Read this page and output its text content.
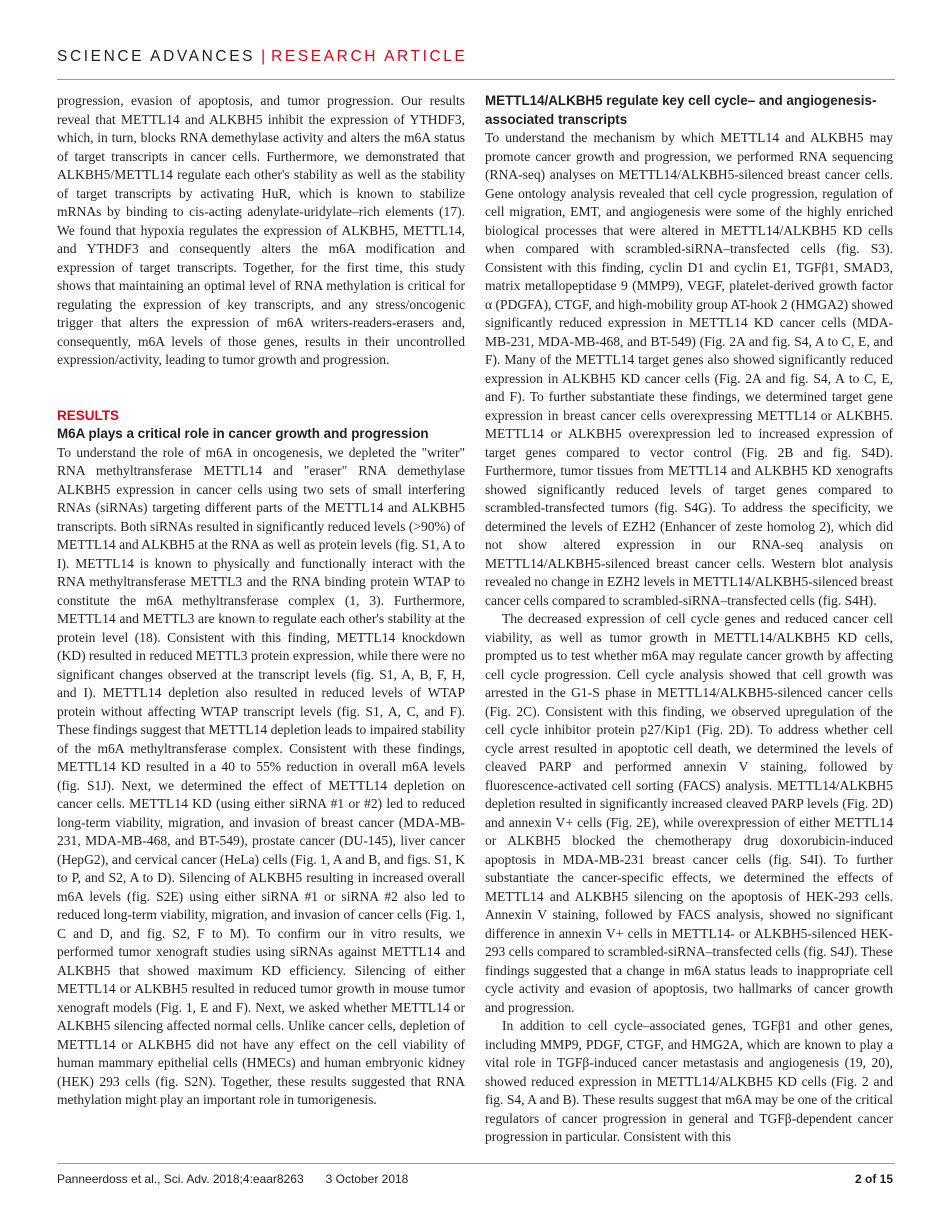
SCIENCE ADVANCES | RESEARCH ARTICLE

progression, evasion of apoptosis, and tumor progression. Our results reveal that METTL14 and ALKBH5 inhibit the expression of YTHDF3, which, in turn, blocks RNA demethylase activity and alters the m6A status of target transcripts in cancer cells. Furthermore, we demonstrated that ALKBH5/METTL14 regulate each other's stability as well as the stability of target transcripts by activating HuR, which is known to stabilize mRNAs by binding to cis-acting adenylate-uridylate–rich elements (17). We found that hypoxia regulates the expression of ALKBH5, METTL14, and YTHDF3 and consequently alters the m6A modification and expression of target transcripts. Together, for the first time, this study shows that maintaining an optimal level of RNA methylation is critical for regulating the expression of key transcripts, and any stress/oncogenic trigger that alters the expression of m6A writers-readers-erasers and, consequently, m6A levels of those genes, results in their uncontrolled expression/activity, leading to tumor growth and progression.

RESULTS

M6A plays a critical role in cancer growth and progression

To understand the role of m6A in oncogenesis, we depleted the "writer" RNA methyltransferase METTL14 and "eraser" RNA demethylase ALKBH5 expression in cancer cells using two sets of small interfering RNAs (siRNAs) targeting different parts of the METTL14 and ALKBH5 transcripts. Both siRNAs resulted in significantly reduced levels (>90%) of METTL14 and ALKBH5 at the RNA as well as protein levels (fig. S1, A to I). METTL14 is known to physically and functionally interact with the RNA methyltransferase METTL3 and the RNA binding protein WTAP to constitute the m6A methyltransferase complex (1, 3). Furthermore, METTL14 and METTL3 are known to regulate each other's stability at the protein level (18). Consistent with this finding, METTL14 knockdown (KD) resulted in reduced METTL3 protein expression, while there were no significant changes observed at the transcript levels (fig. S1, A, B, F, H, and I). METTL14 depletion also resulted in reduced levels of WTAP protein without affecting WTAP transcript levels (fig. S1, A, C, and F). These findings suggest that METTL14 depletion leads to impaired stability of the m6A methyltransferase complex. Consistent with these findings, METTL14 KD resulted in a 40 to 55% reduction in overall m6A levels (fig. S1J). Next, we determined the effect of METTL14 depletion on cancer cells. METTL14 KD (using either siRNA #1 or #2) led to reduced long-term viability, migration, and invasion of breast cancer (MDA-MB-231, MDA-MB-468, and BT-549), prostate cancer (DU-145), liver cancer (HepG2), and cervical cancer (HeLa) cells (Fig. 1, A and B, and figs. S1, K to P, and S2, A to D). Silencing of ALKBH5 resulting in increased overall m6A levels (fig. S2E) using either siRNA #1 or siRNA #2 also led to reduced long-term viability, migration, and invasion of cancer cells (Fig. 1, C and D, and fig. S2, F to M). To confirm our in vitro results, we performed tumor xenograft studies using siRNAs against METTL14 and ALKBH5 that showed maximum KD efficiency. Silencing of either METTL14 or ALKBH5 resulted in reduced tumor growth in mouse tumor xenograft models (Fig. 1, E and F). Next, we asked whether METTL14 or ALKBH5 silencing affected normal cells. Unlike cancer cells, depletion of METTL14 or ALKBH5 did not have any effect on the cell viability of human mammary epithelial cells (HMECs) and human embryonic kidney (HEK) 293 cells (fig. S2N). Together, these results suggested that RNA methylation might play an important role in tumorigenesis.

METTL14/ALKBH5 regulate key cell cycle– and angiogenesis-associated transcripts

To understand the mechanism by which METTL14 and ALKBH5 may promote cancer growth and progression, we performed RNA sequencing (RNA-seq) analyses on METTL14/ALKBH5-silenced breast cancer cells. Gene ontology analysis revealed that cell cycle progression, regulation of cell migration, EMT, and angiogenesis were some of the highly enriched biological processes that were altered in METTL14/ALKBH5 KD cells when compared with scrambled-siRNA–transfected cells (fig. S3). Consistent with this finding, cyclin D1 and cyclin E1, TGFβ1, SMAD3, matrix metallopeptidase 9 (MMP9), VEGF, platelet-derived growth factor α (PDGFA), CTGF, and high-mobility group AT-hook 2 (HMGA2) showed significantly reduced expression in METTL14 KD cancer cells (MDA-MB-231, MDA-MB-468, and BT-549) (Fig. 2A and fig. S4, A to C, E, and F). Many of the METTL14 target genes also showed significantly reduced expression in ALKBH5 KD cancer cells (Fig. 2A and fig. S4, A to C, E, and F). To further substantiate these findings, we determined target gene expression in breast cancer cells overexpressing METTL14 or ALKBH5. METTL14 or ALKBH5 overexpression led to increased expression of target genes compared to vector control (Fig. 2B and fig. S4D). Furthermore, tumor tissues from METTL14 and ALKBH5 KD xenografts showed significantly reduced levels of target genes compared to scrambled-transfected tumors (fig. S4G). To address the specificity, we determined the levels of EZH2 (Enhancer of zeste homolog 2), which did not show altered expression in our RNA-seq analysis on METTL14/ALKBH5-silenced breast cancer cells. Western blot analysis revealed no change in EZH2 levels in METTL14/ALKBH5-silenced breast cancer cells compared to scrambled-siRNA–transfected cells (fig. S4H).

The decreased expression of cell cycle genes and reduced cancer cell viability, as well as tumor growth in METTL14/ALKBH5 KD cells, prompted us to test whether m6A may regulate cancer growth by affecting cell cycle progression. Cell cycle analysis showed that cell growth was arrested in the G1-S phase in METTL14/ALKBH5-silenced cancer cells (Fig. 2C). Consistent with this finding, we observed upregulation of the cell cycle inhibitor protein p27/Kip1 (Fig. 2D). To address whether cell cycle arrest resulted in apoptotic cell death, we determined the levels of cleaved PARP and performed annexin V staining, followed by fluorescence-activated cell sorting (FACS) analysis. METTL14/ALKBH5 depletion resulted in significantly increased cleaved PARP levels (Fig. 2D) and annexin V+ cells (Fig. 2E), while overexpression of either METTL14 or ALKBH5 blocked the chemotherapy drug doxorubicin-induced apoptosis in MDA-MB-231 breast cancer cells (fig. S4I). To further substantiate the cancer-specific effects, we determined the effects of METTL14 and ALKBH5 silencing on the apoptosis of HEK-293 cells. Annexin V staining, followed by FACS analysis, showed no significant difference in annexin V+ cells in METTL14- or ALKBH5-silenced HEK-293 cells compared to scrambled-siRNA–transfected cells (fig. S4J). These findings suggested that a change in m6A status leads to inappropriate cell cycle activity and evasion of apoptosis, two hallmarks of cancer growth and progression.

In addition to cell cycle–associated genes, TGFβ1 and other genes, including MMP9, PDGF, CTGF, and HMG2A, which are known to play a vital role in TGFβ-induced cancer metastasis and angiogenesis (19, 20), showed reduced expression in METTL14/ALKBH5 KD cells (Fig. 2 and fig. S4, A and B). These results suggest that m6A may be one of the critical regulators of cancer progression in general and TGFβ-dependent cancer progression in particular. Consistent with this

Panneerdoss et al., Sci. Adv. 2018;4:eaar8263 3 October 2018	2 of 15
